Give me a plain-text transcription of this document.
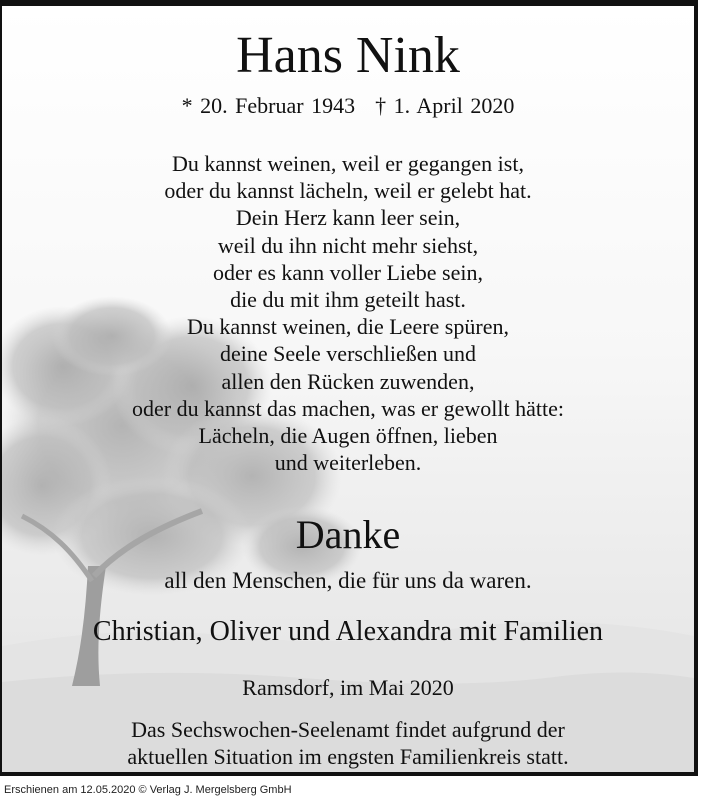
Hans Nink
* 20. Februar 1943 † 1. April 2020
Du kannst weinen, weil er gegangen ist,
oder du kannst lächeln, weil er gelebt hat.
Dein Herz kann leer sein,
weil du ihn nicht mehr siehst,
oder es kann voller Liebe sein,
die du mit ihm geteilt hast.
Du kannst weinen, die Leere spüren,
deine Seele verschließen und
allen den Rücken zuwenden,
oder du kannst das machen, was er gewollt hätte:
Lächeln, die Augen öffnen, lieben
und weiterleben.
Danke
all den Menschen, die für uns da waren.
Christian, Oliver und Alexandra mit Familien
Ramsdorf, im Mai 2020
Das Sechswochen-Seelenamt findet aufgrund der
aktuellen Situation im engsten Familienkreis statt.
Erschienen am 12.05.2020 © Verlag J. Mergelsberg GmbH
